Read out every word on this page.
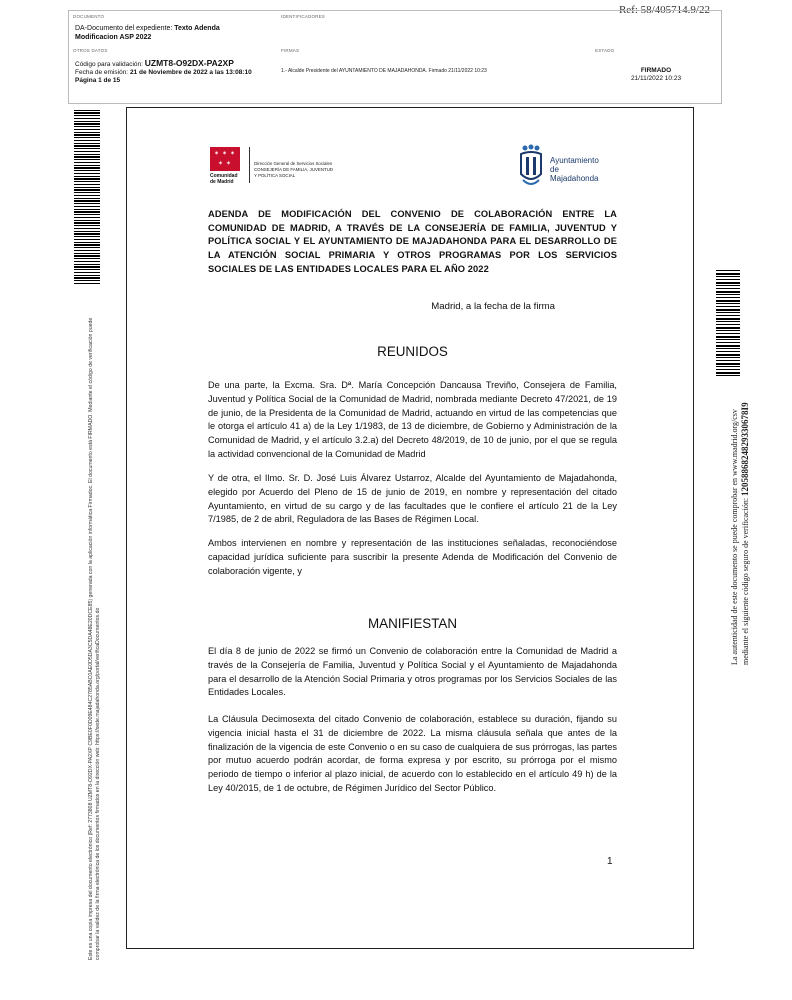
Ref: 58/405714.9/22
DOCUMENTO
DA-Documento del expediente: Texto Adenda
Modificacion ASP 2022
IDENTIFICADORES
OTROS DATOS
Código para validación: UZMT8-O92DX-PA2XP
Fecha de emisión: 21 de Noviembre de 2022 a las 13:08:10
Página 1 de 15
FIRMAS
1.- Alcalde Presidente del AYUNTAMIENTO DE MAJADAHONDA. Firmado 21/11/2022 10:23
ESTADO
FIRMADO
21/11/2022 10:23
Este es una copia impresa del documento electrónico (Ref: 2773808 UZMT8-O92DX-PA2XP C9BE0F0D09E484C2785ABC0AE0D5DA3C5DA48E20DCE85) generada con la aplicación informática Firmadoc. El documento está FIRMADO. Mediante el código de verificación puede comprobar la validez de la firma electrónica de los documentos firmados en la dirección web: https://sede.majadahonda.org/portal/verificaDocumentos.do
La autenticidad de este documento se puede comprobar en www.madrid.org/csv mediante el siguiente código seguro de verificación: 1205886824829330678I9
✶ ✶ ✶
✶ ✶
Comunidad
de Madrid
Dirección General de Servicios Sociales
CONSEJERÍA DE FAMILIA, JUVENTUD
Y POLÍTICA SOCIAL
Ayuntamiento
de Majadahonda
ADENDA DE MODIFICACIÓN DEL CONVENIO DE COLABORACIÓN ENTRE LA COMUNIDAD DE MADRID, A TRAVÉS DE LA CONSEJERÍA DE FAMILIA, JUVENTUD Y POLÍTICA SOCIAL Y EL AYUNTAMIENTO DE MAJADAHONDA PARA EL DESARROLLO DE LA ATENCIÓN SOCIAL PRIMARIA Y OTROS PROGRAMAS POR LOS SERVICIOS SOCIALES DE LAS ENTIDADES LOCALES PARA EL AÑO 2022
Madrid, a la fecha de la firma
REUNIDOS
De una parte, la Excma. Sra. Dª. María Concepción Dancausa Treviño, Consejera de Familia, Juventud y Política Social de la Comunidad de Madrid, nombrada mediante Decreto 47/2021, de 19 de junio, de la Presidenta de la Comunidad de Madrid, actuando en virtud de las competencias que le otorga el artículo 41 a) de la Ley 1/1983, de 13 de diciembre, de Gobierno y Administración de la Comunidad de Madrid, y el artículo 3.2.a) del Decreto 48/2019, de 10 de junio, por el que se regula la actividad convencional de la Comunidad de Madrid
Y de otra, el Ilmo. Sr. D. José Luis Álvarez Ustarroz, Alcalde del Ayuntamiento de Majadahonda, elegido por Acuerdo del Pleno de 15 de junio de 2019, en nombre y representación del citado Ayuntamiento, en virtud de su cargo y de las facultades que le confiere el artículo 21 de la Ley 7/1985, de 2 de abril, Reguladora de las Bases de Régimen Local.
Ambos intervienen en nombre y representación de las instituciones señaladas, reconociéndose capacidad jurídica suficiente para suscribir la presente Adenda de Modificación del Convenio de colaboración vigente, y
MANIFIESTAN
El día 8 de junio de 2022 se firmó un Convenio de colaboración entre la Comunidad de Madrid a través de la Consejería de Familia, Juventud y Política Social y el Ayuntamiento de Majadahonda para el desarrollo de la Atención Social Primaria y otros programas por los Servicios Sociales de las Entidades Locales.
La Cláusula Decimosexta del citado Convenio de colaboración, establece su duración, fijando su vigencia inicial hasta el 31 de diciembre de 2022. La misma cláusula señala que antes de la finalización de la vigencia de este Convenio o en su caso de cualquiera de sus prórrogas, las partes por mutuo acuerdo podrán acordar, de forma expresa y por escrito, su prórroga por el mismo periodo de tiempo o inferior al plazo inicial, de acuerdo con lo establecido en el artículo 49 h) de la Ley 40/2015, de 1 de octubre, de Régimen Jurídico del Sector Público.
1
